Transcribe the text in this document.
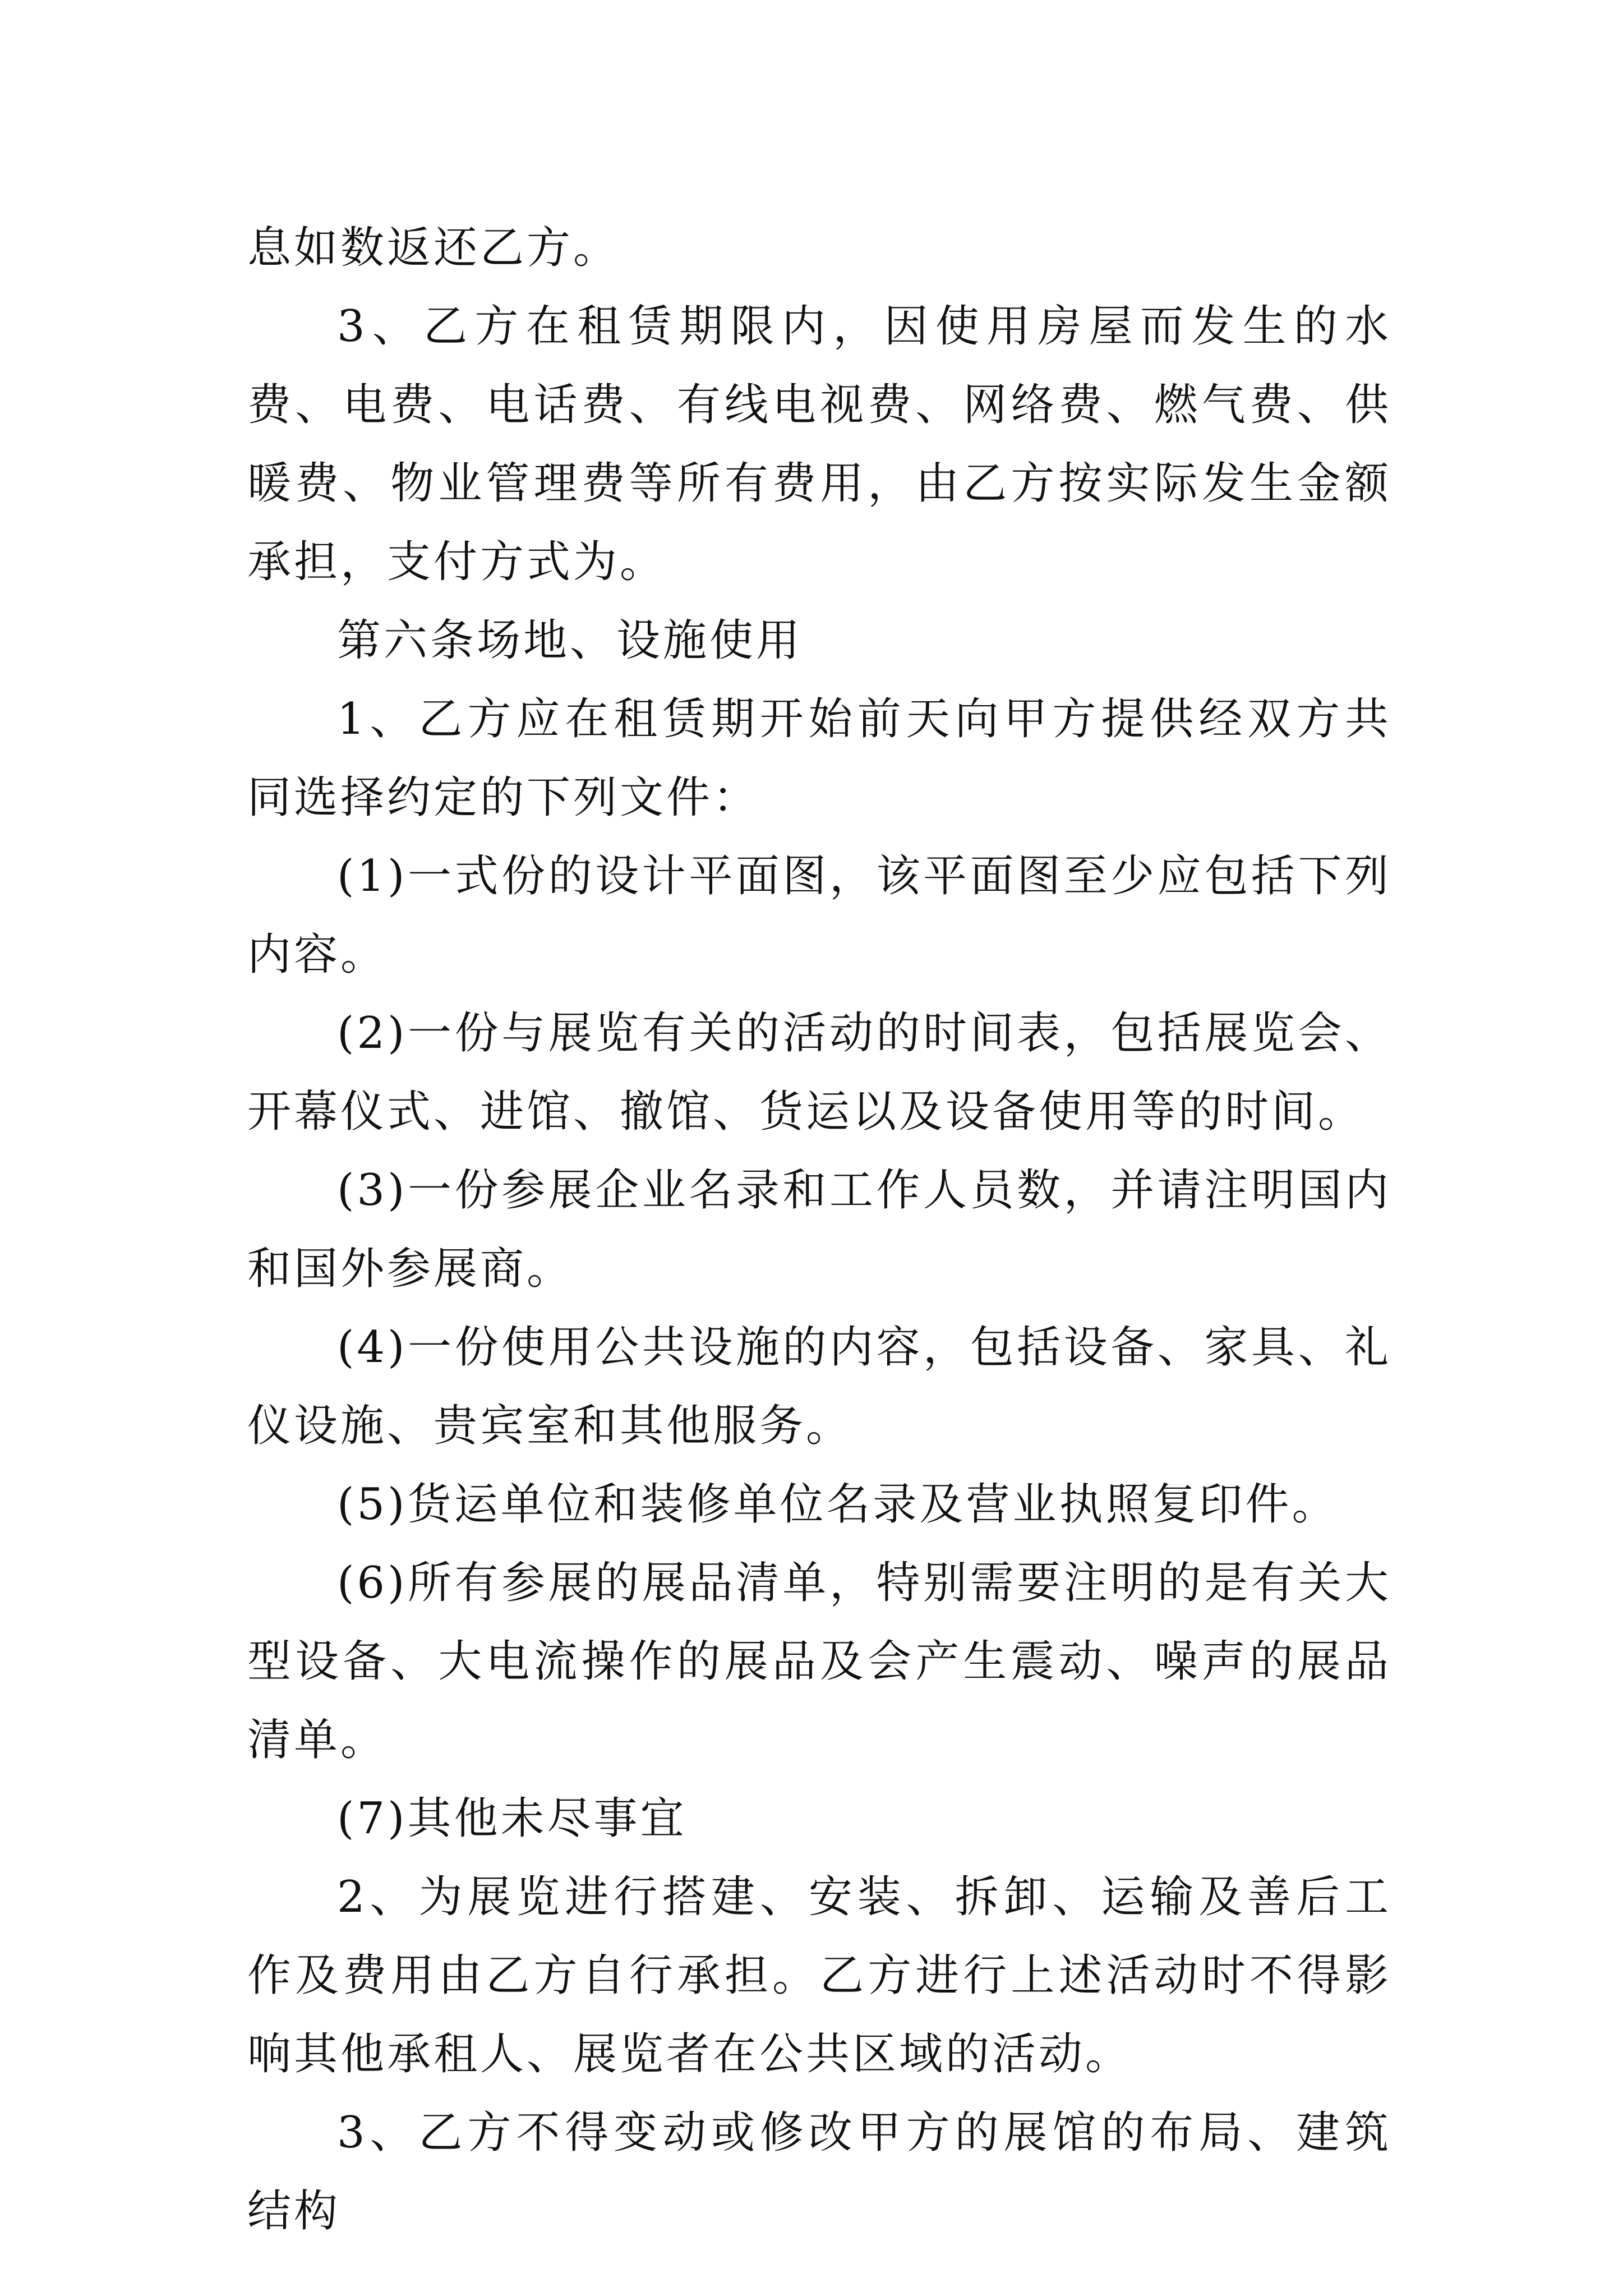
息如数返还乙方。

3、乙方在租赁期限内，因使用房屋而发生的水费、电费、电话费、有线电视费、网络费、燃气费、供暖费、物业管理费等所有费用，由乙方按实际发生金额承担，支付方式为。

第六条场地、设施使用

1、乙方应在租赁期开始前天向甲方提供经双方共同选择约定的下列文件：

(1)一式份的设计平面图，该平面图至少应包括下列内容。

(2)一份与展览有关的活动的时间表，包括展览会、开幕仪式、进馆、撤馆、货运以及设备使用等的时间。

(3)一份参展企业名录和工作人员数，并请注明国内和国外参展商。

(4)一份使用公共设施的内容，包括设备、家具、礼仪设施、贵宾室和其他服务。

(5)货运单位和装修单位名录及营业执照复印件。

(6)所有参展的展品清单，特别需要注明的是有关大型设备、大电流操作的展品及会产生震动、噪声的展品清单。

(7)其他未尽事宜

2、为展览进行搭建、安装、拆卸、运输及善后工作及费用由乙方自行承担。乙方进行上述活动时不得影响其他承租人、展览者在公共区域的活动。

3、乙方不得变动或修改甲方的展馆的布局、建筑结构
